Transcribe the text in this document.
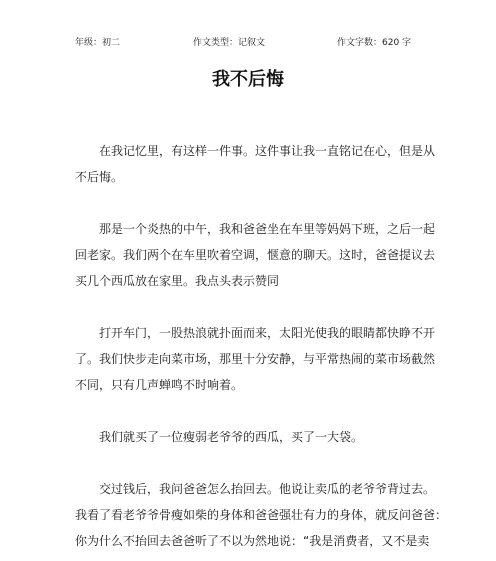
年级：初二	作文类型：记叙文	作文字数：620 字
我不后悔

在我记忆里，有这样一件事。这件事让我一直铭记在心，但是从
不后悔。

那是一个炎热的中午，我和爸爸坐在车里等妈妈下班，之后一起
回老家。我们两个在车里吹着空调，惬意的聊天。这时，爸爸提议去
买几个西瓜放在家里。我点头表示赞同

打开车门，一股热浪就扑面而来，太阳光使我的眼睛都快睁不开
了。我们快步走向菜市场，那里十分安静，与平常热闹的菜市场截然
不同，只有几声蝉鸣不时响着。

我们就买了一位瘦弱老爷爷的西瓜，买了一大袋。

交过钱后，我问爸爸怎么抬回去。他说让卖瓜的老爷爷背过去。
我看了看老爷爷骨瘦如柴的身体和爸爸强壮有力的身体，就反问爸爸：
你为什么不抬回去爸爸听了不以为然地说：“我是消费者，又不是卖
